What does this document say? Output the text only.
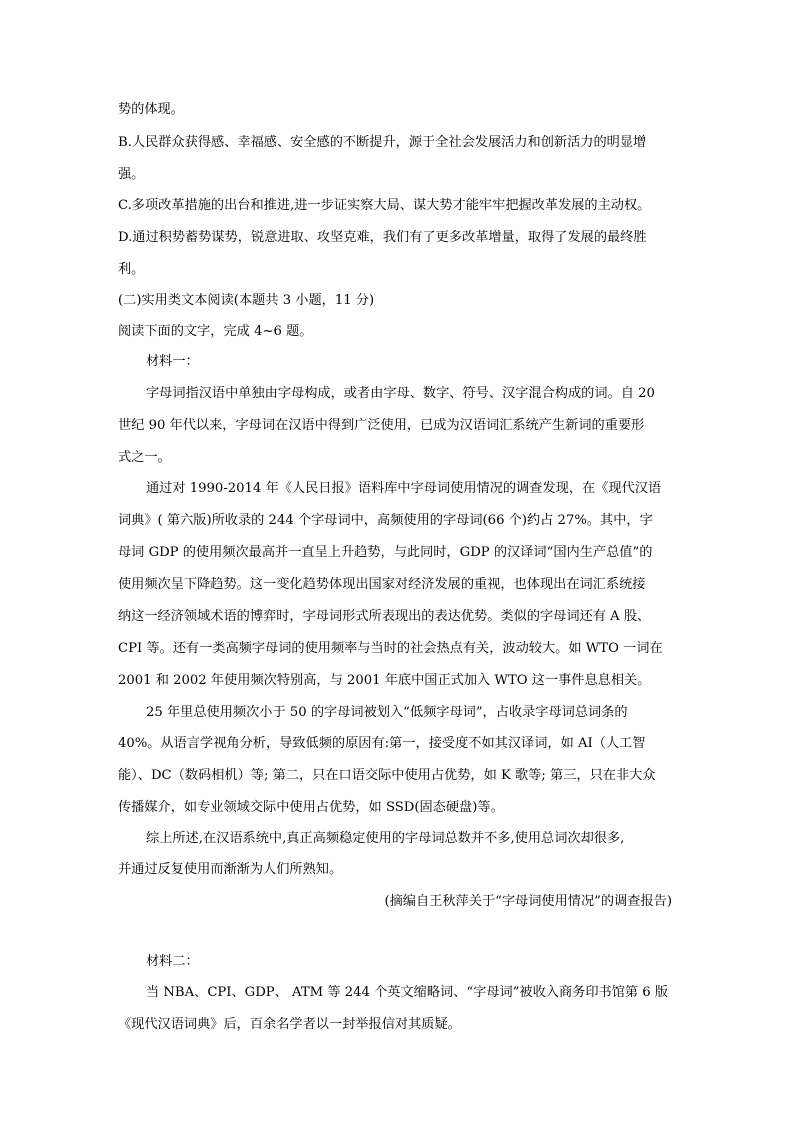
势的体现。
B.人民群众获得感、幸福感、安全感的不断提升，源于全社会发展活力和创新活力的明显增
强。
C.多项改革措施的出台和推进,进一步证实察大局、谋大势才能牢牢把握改革发展的主动权。
D.通过积势蓄势谋势，锐意进取、攻坚克难，我们有了更多改革增量，取得了发展的最终胜
利。
(二)实用类文本阅读(本题共 3 小题，11 分)
阅读下面的文字，完成 4~6 题。
材料一：
字母词指汉语中单独由字母构成，或者由字母、数字、符号、汉字混合构成的词。自 20
世纪 90 年代以来，字母词在汉语中得到广泛使用，已成为汉语词汇系统产生新词的重要形
式之一。
通过对 1990-2014 年《人民日报》语料库中字母词使用情况的调查发现，在《现代汉语
词典》( 第六版)所收录的 244 个字母词中，高频使用的字母词(66 个)约占 27%。其中，字
母词 GDP 的使用频次最高并一直呈上升趋势，与此同时，GDP 的汉译词“国内生产总值”的
使用频次呈下降趋势。这一变化趋势体现出国家对经济发展的重视，也体现出在词汇系统接
纳这一经济领域术语的博弈时，字母词形式所表现出的表达优势。类似的字母词还有 A 股、
CPI 等。还有一类高频字母词的使用频率与当时的社会热点有关，波动较大。如 WTO 一词在
2001 和 2002 年使用频次特别高，与 2001 年底中国正式加入 WTO 这一事件息息相关。
25 年里总使用频次小于 50 的字母词被划入“低频字母词”，占收录字母词总词条的
40%。从语言学视角分析，导致低频的原因有:第一，接受度不如其汉译词，如 AI（人工智
能）、DC（数码相机）等; 第二，只在口语交际中使用占优势，如 K 歌等; 第三，只在非大众
传播媒介，如专业领域交际中使用占优势，如 SSD(固态硬盘)等。
综上所述,在汉语系统中,真正高频稳定使用的字母词总数并不多,使用总词次却很多,
并通过反复使用而渐渐为人们所熟知。
(摘编自王秋萍关于“字母词使用情况”的调查报告)
材料二：
当 NBA、CPI、GDP、 ATM 等 244 个英文缩略词、“字母词”被收入商务印书馆第 6 版
《现代汉语词典》后，百余名学者以一封举报信对其质疑。
